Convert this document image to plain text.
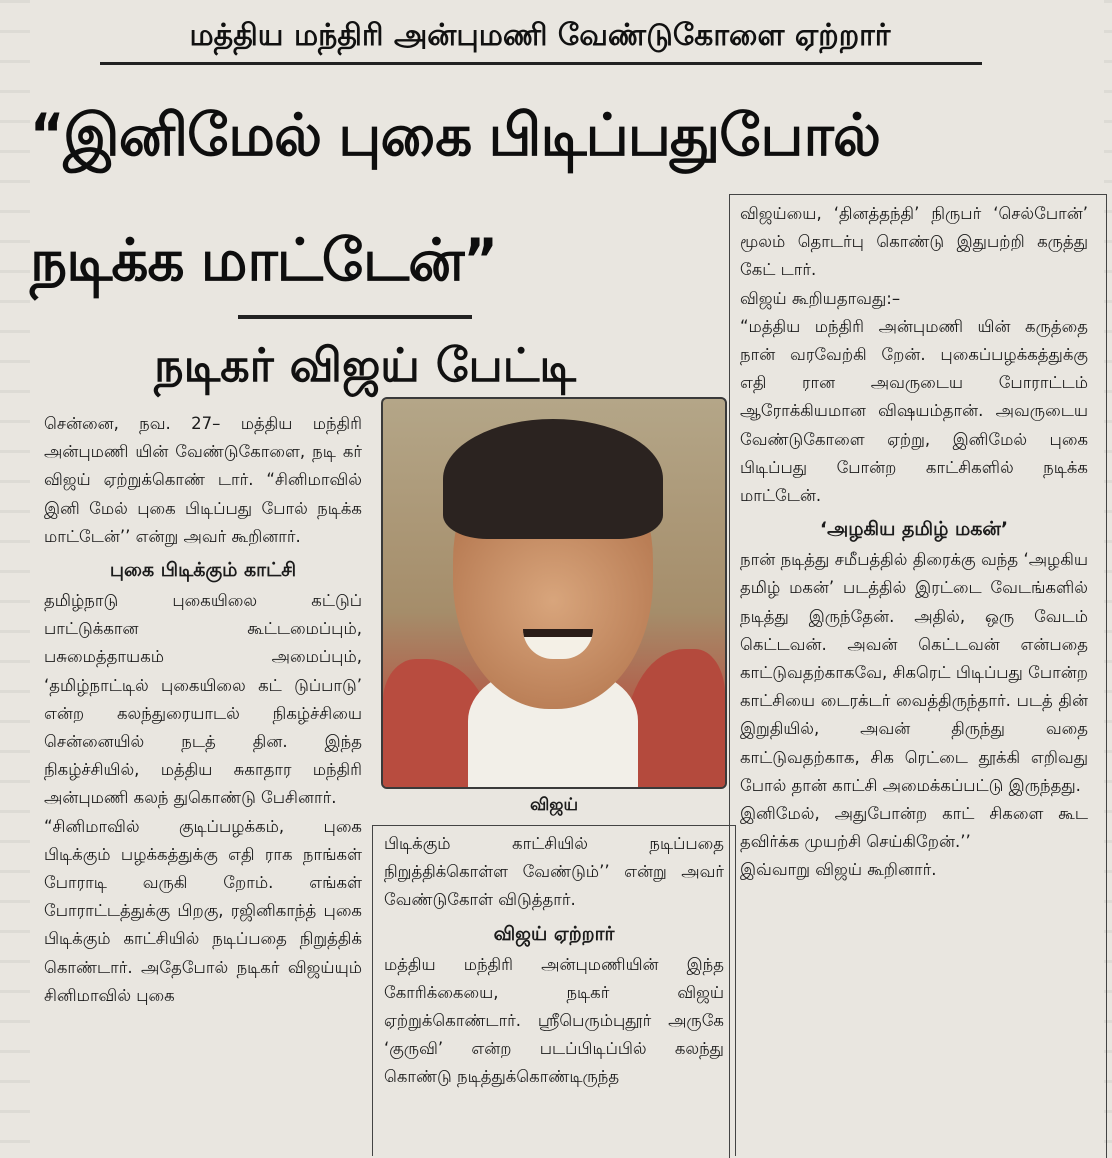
மத்திய மந்திரி அன்புமணி வேண்டுகோளை ஏற்றார்
“இனிமேல் புகை பிடிப்பதுபோல்
நடிக்க மாட்டேன்”
நடிகர் விஜய் பேட்டி

சென்னை, நவ. 27– மத்திய மந்திரி அன்புமணி யின் வேண்டுகோளை, நடி கர் விஜய் ஏற்றுக்கொண் டார். “சினிமாவில் இனி மேல் புகை பிடிப்பது போல் நடிக்க மாட்டேன்’’ என்று அவர் கூறினார்.

புகை பிடிக்கும் காட்சி

தமிழ்நாடு புகையிலை கட்டுப் பாட்டுக்கான கூட்டமைப்பும், பசுமைத்தாயகம் அமைப்பும், ‘தமிழ்நாட்டில் புகையிலை கட் டுப்பாடு’ என்ற கலந்துரையாடல் நிகழ்ச்சியை சென்னையில் நடத் தின. இந்த நிகழ்ச்சியில், மத்திய சுகாதார மந்திரி அன்புமணி கலந் துகொண்டு பேசினார்.

“சினிமாவில் குடிப்பழக்கம், புகை பிடிக்கும் பழக்கத்துக்கு எதி ராக நாங்கள் போராடி வருகி றோம். எங்கள் போராட்டத்துக்கு பிறகு, ரஜினிகாந்த் புகை பிடிக்கும் காட்சியில் நடிப்பதை நிறுத்திக் கொண்டார். அதேபோல் நடிகர் விஜய்யும் சினிமாவில் புகை

விஜய்

பிடிக்கும் காட்சியில் நடிப்பதை நிறுத்திக்கொள்ள வேண்டும்’’ என்று அவர் வேண்டுகோள் விடுத்தார்.

விஜய் ஏற்றார்

மத்திய மந்திரி அன்புமணியின் இந்த கோரிக்கையை, நடிகர் விஜய் ஏற்றுக்கொண்டார். ஸ்ரீபெரும்புதூர் அருகே ‘குருவி’ என்ற படப்பிடிப்பில் கலந்து கொண்டு நடித்துக்கொண்டிருந்த

விஜய்யை, ‘தினத்தந்தி’ நிருபர் ‘செல்போன்’ மூலம் தொடர்பு கொண்டு இதுபற்றி கருத்து கேட் டார்.

விஜய் கூறியதாவது:–

“மத்திய மந்திரி அன்புமணி யின் கருத்தை நான் வரவேற்கி றேன். புகைப்பழக்கத்துக்கு எதி ரான அவருடைய போராட்டம் ஆரோக்கியமான விஷயம்தான். அவருடைய வேண்டுகோளை ஏற்று, இனிமேல் புகை பிடிப்பது போன்ற காட்சிகளில் நடிக்க மாட்டேன்.

‘அழகிய தமிழ் மகன்’

நான் நடித்து சமீபத்தில் திரைக்கு வந்த ‘அழகிய தமிழ் மகன்’ படத்தில் இரட்டை வேடங்களில் நடித்து இருந்தேன். அதில், ஒரு வேடம் கெட்டவன். அவன் கெட்டவன் என்பதை காட்டுவதற்காகவே, சிகரெட் பிடிப்பது போன்ற காட்சியை டைரக்டர் வைத்திருந்தார். படத் தின் இறுதியில், அவன் திருந்து வதை காட்டுவதற்காக, சிக ரெட்டை தூக்கி எறிவது போல் தான் காட்சி அமைக்கப்பட்டு இருந்தது.

இனிமேல், அதுபோன்ற காட் சிகளை கூட தவிர்க்க முயற்சி செய்கிறேன்.’’

இவ்வாறு விஜய் கூறினார்.
